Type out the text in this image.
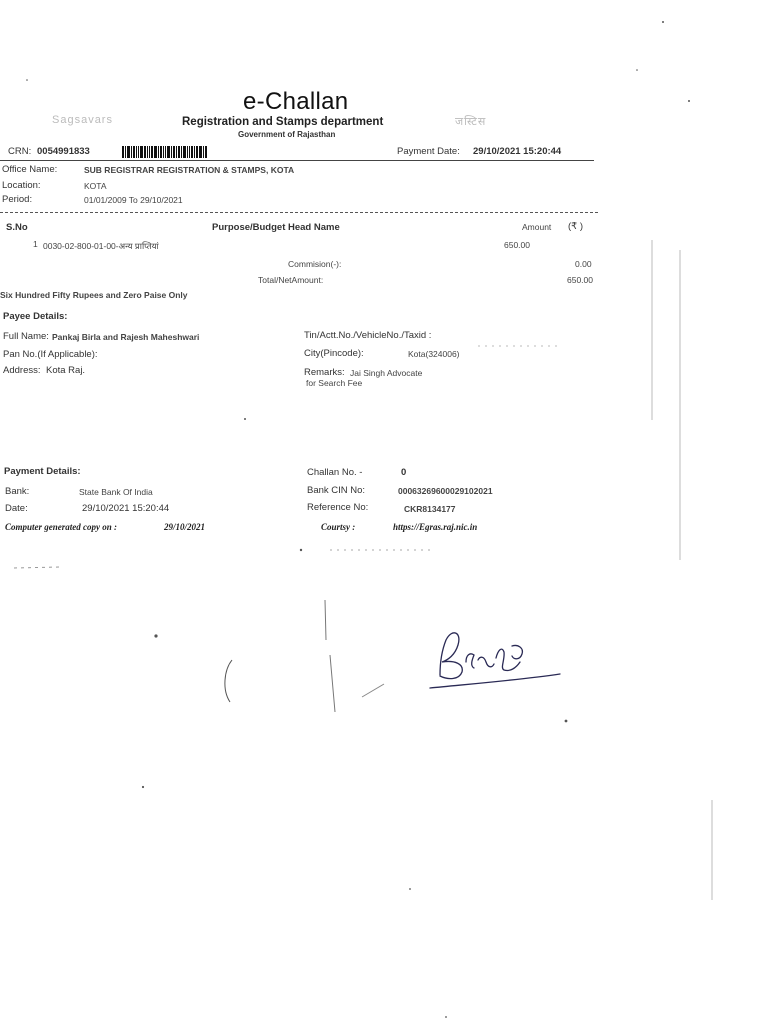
Sagsavars	जस्टिस
e-Challan
Registration and Stamps department
Government of Rajasthan
CRN: 0054991833	Payment Date: 29/10/2021 15:20:44
Office Name:	SUB REGISTRAR REGISTRATION & STAMPS, KOTA
Location:	KOTA
Period:	01/01/2009 To 29/10/2021
S.No	Purpose/Budget Head Name	Amount (₹ )
1 0030-02-800-01-00-अन्य प्राप्तियां	650.00
Commision(-):	0.00
Total/NetAmount:	650.00
Six Hundred Fifty Rupees and Zero Paise Only
Payee Details:
Full Name: Pankaj Birla and Rajesh Maheshwari
Pan No.(If Applicable):
Address: Kota Raj.
Tin/Actt.No./VehicleNo./Taxid :
City(Pincode):	Kota(324006)
Remarks: Jai Singh Advocate
for Search Fee
Payment Details:
Bank:	State Bank Of India
Date:	29/10/2021 15:20:44
Computer generated copy on :	29/10/2021
Challan No. -	0
Bank CIN No:	00063269600029102021
Reference No:	CKR8134177
Courtsy :	https://Egras.raj.nic.in
